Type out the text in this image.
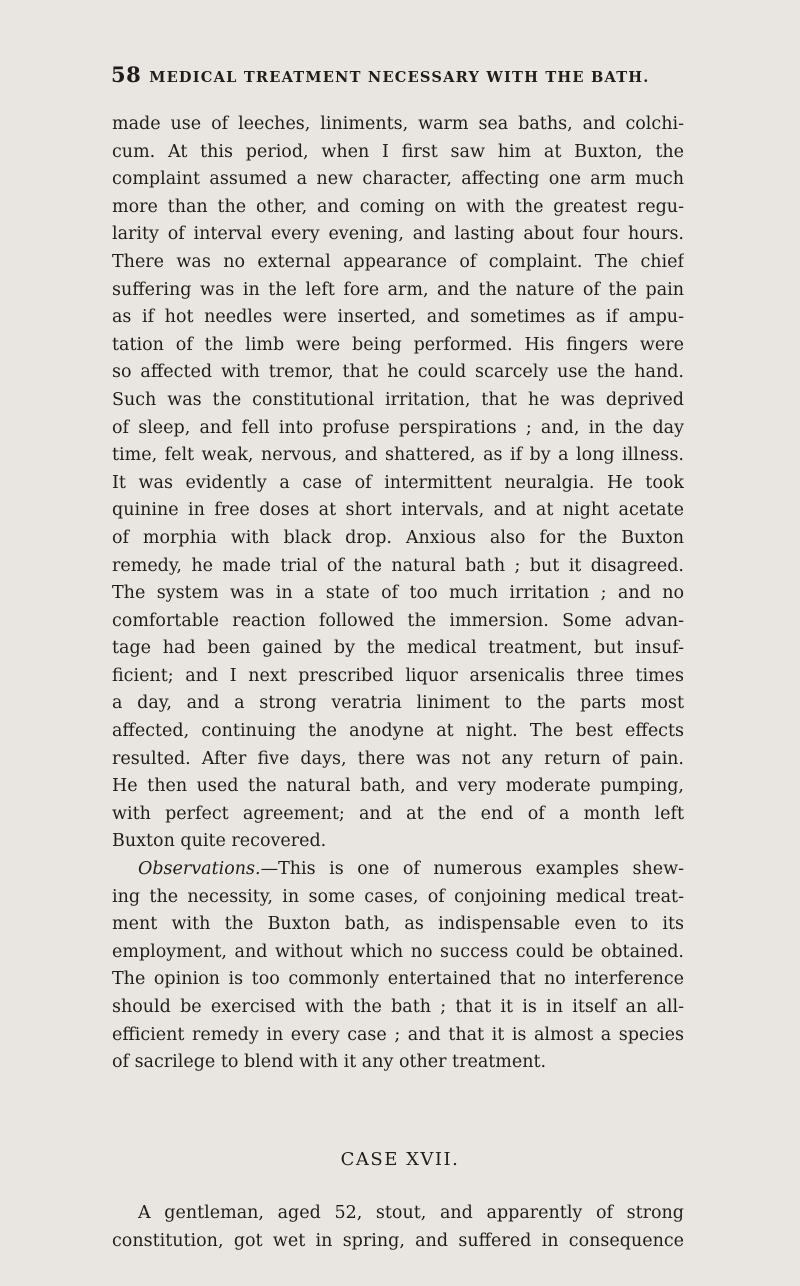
58 MEDICAL TREATMENT NECESSARY WITH THE BATH.
made use of leeches, liniments, warm sea baths, and colchi-
cum. At this period, when I first saw him at Buxton, the
complaint assumed a new character, affecting one arm much
more than the other, and coming on with the greatest regu-
larity of interval every evening, and lasting about four hours.
There was no external appearance of complaint. The chief
suffering was in the left fore arm, and the nature of the pain
as if hot needles were inserted, and sometimes as if ampu-
tation of the limb were being performed. His fingers were
so affected with tremor, that he could scarcely use the hand.
Such was the constitutional irritation, that he was deprived
of sleep, and fell into profuse perspirations ; and, in the day
time, felt weak, nervous, and shattered, as if by a long illness.
It was evidently a case of intermittent neuralgia. He took
quinine in free doses at short intervals, and at night acetate
of morphia with black drop. Anxious also for the Buxton
remedy, he made trial of the natural bath ; but it disagreed.
The system was in a state of too much irritation ; and no
comfortable reaction followed the immersion. Some advan-
tage had been gained by the medical treatment, but insuf-
ficient; and I next prescribed liquor arsenicalis three times
a day, and a strong veratria liniment to the parts most
affected, continuing the anodyne at night. The best effects
resulted. After five days, there was not any return of pain.
He then used the natural bath, and very moderate pumping,
with perfect agreement; and at the end of a month left
Buxton quite recovered.
Observations.—This is one of numerous examples shew-
ing the necessity, in some cases, of conjoining medical treat-
ment with the Buxton bath, as indispensable even to its
employment, and without which no success could be obtained.
The opinion is too commonly entertained that no interference
should be exercised with the bath ; that it is in itself an all-
efficient remedy in every case ; and that it is almost a species
of sacrilege to blend with it any other treatment.
CASE XVII.
A gentleman, aged 52, stout, and apparently of strong
constitution, got wet in spring, and suffered in consequence
